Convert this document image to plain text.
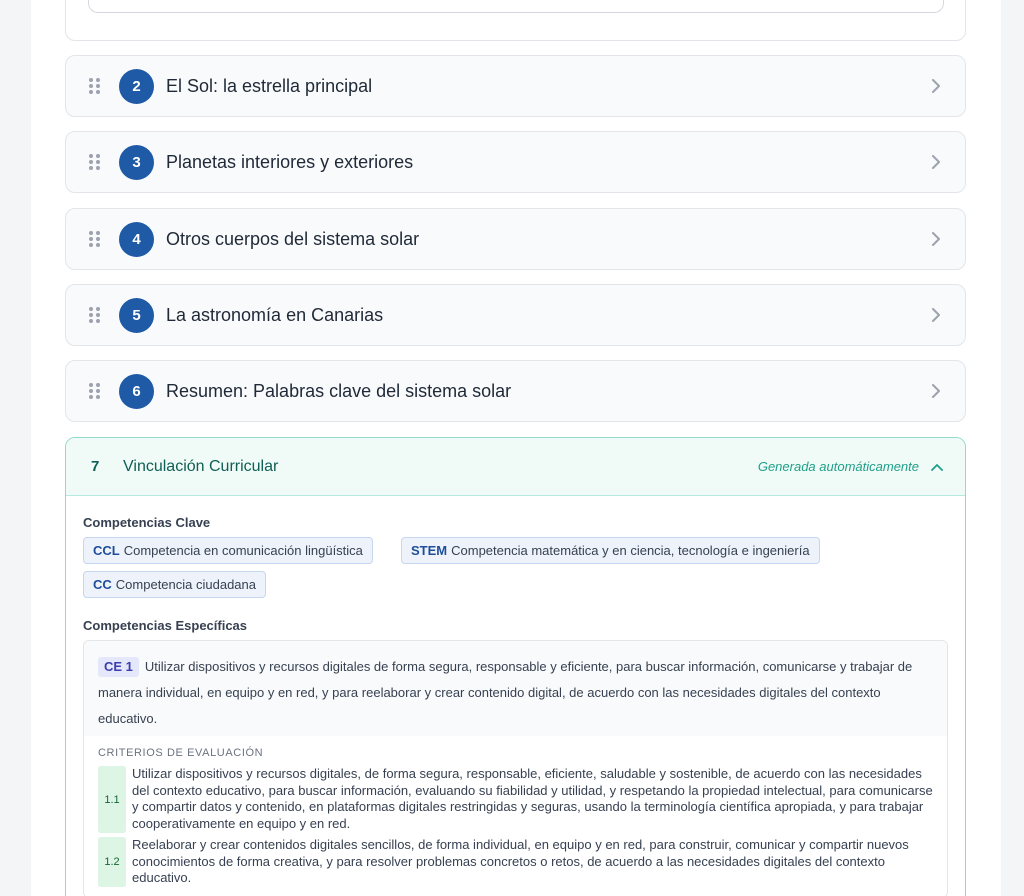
2	El Sol: la estrella principal
3	Planetas interiores y exteriores
4	Otros cuerpos del sistema solar
5	La astronomía en Canarias
6	Resumen: Palabras clave del sistema solar
7	Vinculación Curricular	Generada automáticamente
Competencias Clave
CCL Competencia en comunicación lingüística	STEM Competencia matemática y en ciencia, tecnología e ingeniería
CC Competencia ciudadana
Competencias Específicas
CE 1 Utilizar dispositivos y recursos digitales de forma segura, responsable y eficiente, para buscar información, comunicarse y trabajar de manera individual, en equipo y en red, y para reelaborar y crear contenido digital, de acuerdo con las necesidades digitales del contexto educativo.
CRITERIOS DE EVALUACIÓN
1.1
Utilizar dispositivos y recursos digitales, de forma segura, responsable, eficiente, saludable y sostenible, de acuerdo con las necesidades del contexto educativo, para buscar información, evaluando su fiabilidad y utilidad, y respetando la propiedad intelectual, para comunicarse y compartir datos y contenido, en plataformas digitales restringidas y seguras, usando la terminología científica apropiada, y para trabajar cooperativamente en equipo y en red.
1.2
Reelaborar y crear contenidos digitales sencillos, de forma individual, en equipo y en red, para construir, comunicar y compartir nuevos conocimientos de forma creativa, y para resolver problemas concretos o retos, de acuerdo a las necesidades digitales del contexto educativo.
